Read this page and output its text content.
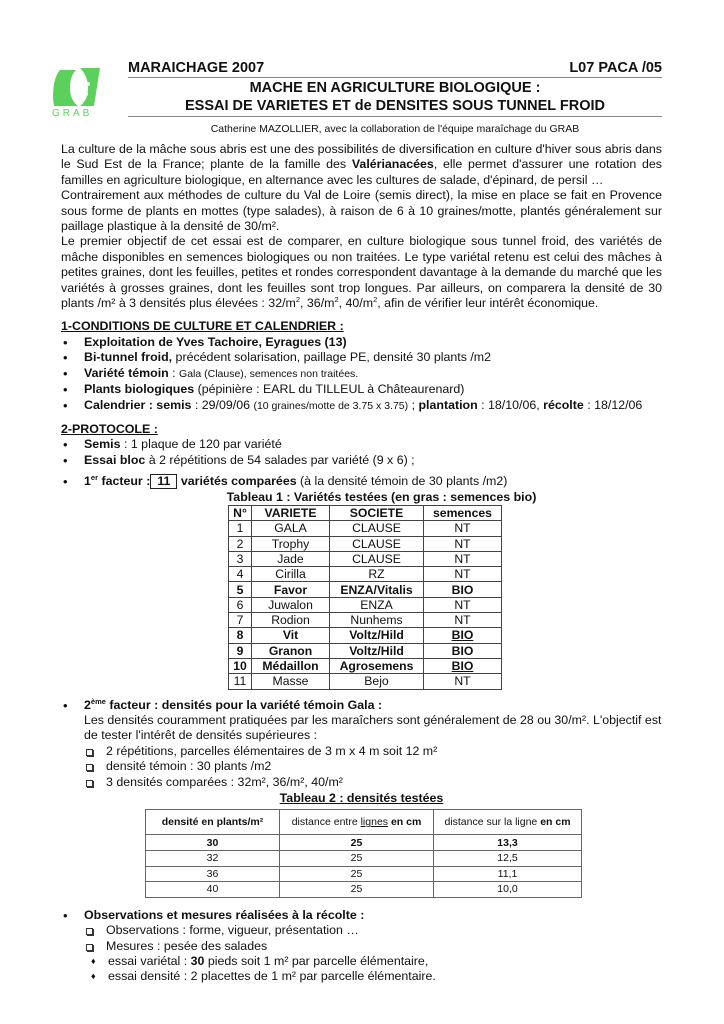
GRAB
MARAICHAGE 2007	L07 PACA /05
MACHE EN AGRICULTURE BIOLOGIQUE :
ESSAI DE VARIETES ET de DENSITES SOUS TUNNEL FROID
Catherine MAZOLLIER, avec la collaboration de l'équipe maraîchage du GRAB

La culture de la mâche sous abris est une des possibilités de diversification en culture d'hiver sous abris dans le Sud Est de la France; plante de la famille des Valérianacées, elle permet d'assurer une rotation des familles en agriculture biologique, en alternance avec les cultures de salade, d'épinard, de persil …

Contrairement aux méthodes de culture du Val de Loire (semis direct), la mise en place se fait en Provence sous forme de plants en mottes (type salades), à raison de 6 à 10 graines/motte, plantés généralement sur paillage plastique à la densité de 30/m².

Le premier objectif de cet essai est de comparer, en culture biologique sous tunnel froid, des variétés de mâche disponibles en semences biologiques ou non traitées. Le type variétal retenu est celui des mâches à petites graines, dont les feuilles, petites et rondes correspondent davantage à la demande du marché que les variétés à grosses graines, dont les feuilles sont trop longues. Par ailleurs, on comparera la densité de 30 plants /m² à 3 densités plus élevées : $32/m^2$, $36/m^2$, $40/m^2$, afin de vérifier leur intérêt économique.

1-CONDITIONS DE CULTURE ET CALENDRIER :
• Exploitation de Yves Tachoire, Eyragues (13)
• Bi-tunnel froid, précédent solarisation, paillage PE, densité 30 plants /m2
• Variété témoin : Gala (Clause), semences non traitées.
• Plants biologiques (pépinière : EARL du TILLEUL à Châteaurenard)
• Calendrier : semis : 29/09/06 (10 graines/motte de 3.75 x 3.75) ; plantation : 18/10/06, récolte : 18/12/06
2-PROTOCOLE :
• Semis : 1 plaque de 120 par variété
• Essai bloc à 2 répétitions de 54 salades par variété (9 x 6) ;
• 1er facteur : 11 variétés comparées (à la densité témoin de 30 plants /m2)
Tableau 1 : Variétés testées (en gras : semences bio)
N°	VARIETE	SOCIETE	semences
1	GALA	CLAUSE	NT
2	Trophy	CLAUSE	NT
3	Jade	CLAUSE	NT
4	Cirilla	RZ	NT
5	Favor	ENZA/Vitalis	BIO
6	Juwalon	ENZA	NT
7	Rodion	Nunhems	NT
8	Vit	Voltz/Hild	BIO
9	Granon	Voltz/Hild	BIO
10	Médaillon	Agrosemens	BIO
11	Masse	Bejo	NT
• 2ème facteur : densités pour la variété témoin Gala :
Les densités couramment pratiquées par les maraîchers sont généralement de 28 ou 30/m². L'objectif est de tester l'intérêt de densités supérieures :
2 répétitions, parcelles élémentaires de 3 m x 4 m soit 12 m²
densité témoin : 30 plants /m2
3 densités comparées : 32m², 36/m², 40/m²
Tableau 2 : densités testées
densité en plants/m²	distance entre lignes en cm	distance sur la ligne en cm
30	25	13,3
32	25	12,5
36	25	11,1
40	25	10,0
• Observations et mesures réalisées à la récolte :
Observations : forme, vigueur, présentation …
Mesures : pesée des salades
♦ essai variétal : 30 pieds soit 1 m² par parcelle élémentaire,
♦ essai densité : 2 placettes de 1 m² par parcelle élémentaire.
